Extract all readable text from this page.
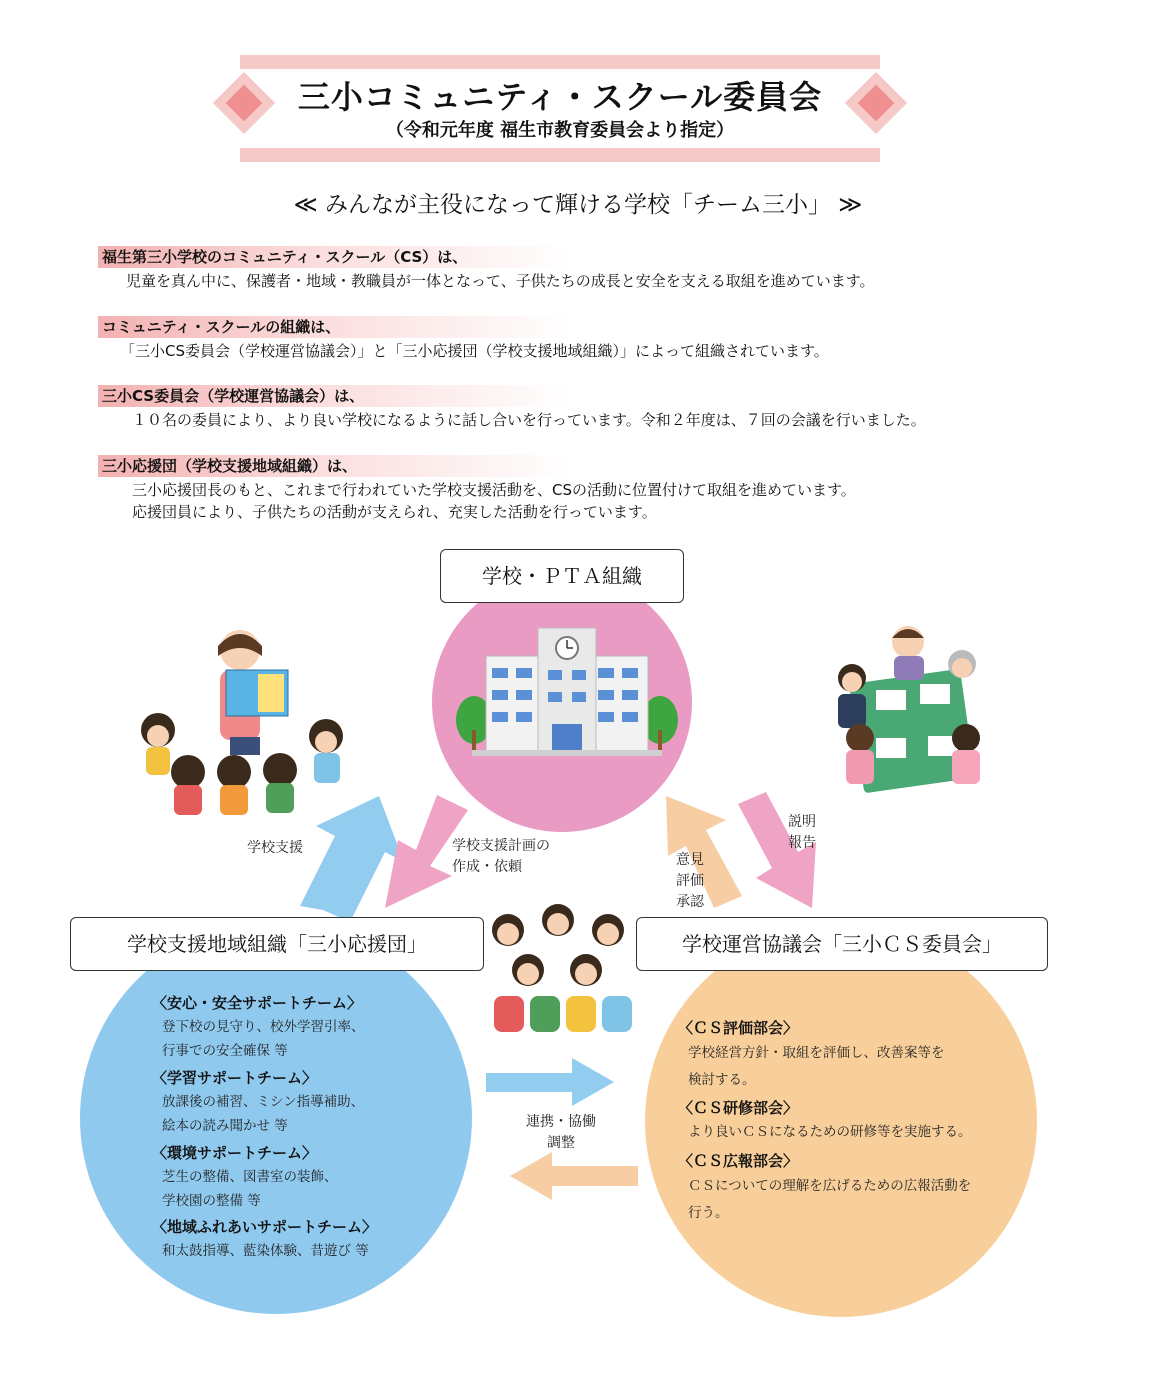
三小コミュニティ・スクール委員会
（令和元年度 福生市教育委員会より指定）
≪ みんなが主役になって輝ける学校「チーム三小」 ≫
福生第三小学校のコミュニティ・スクール（CS）は、
児童を真ん中に、保護者・地域・教職員が一体となって、子供たちの成長と安全を支える取組を進めています。
コミュニティ・スクールの組織は、
「三小CS委員会（学校運営協議会）」と「三小応援団（学校支援地域組織）」によって組織されています。
三小CS委員会（学校運営協議会）は、
１０名の委員により、より良い学校になるように話し合いを行っています。令和２年度は、７回の会議を行いました。
三小応援団（学校支援地域組織）は、
三小応援団長のもと、これまで行われていた学校支援活動を、CSの活動に位置付けて取組を進めています。
応援団員により、子供たちの活動が支えられ、充実した活動を行っています。
学校支援	学校支援計画の
作成・依頼	意見
評価
承認
説明
報告
連携・協働
調整
学校・ＰＴＡ組織
学校支援地域組織「三小応援団」	学校運営協議会「三小ＣＳ委員会」
〈安心・安全サポートチーム〉
登下校の見守り、校外学習引率、
行事での安全確保 等
〈学習サポートチーム〉
放課後の補習、ミシン指導補助、
絵本の読み聞かせ 等
〈環境サポートチーム〉
芝生の整備、図書室の装飾、
学校園の整備 等
〈地域ふれあいサポートチーム〉
和太鼓指導、藍染体験、昔遊び 等
〈ＣＳ評価部会〉
学校経営方針・取組を評価し、改善案等を
検討する。
〈ＣＳ研修部会〉
より良いＣＳになるための研修等を実施する。
〈ＣＳ広報部会〉
ＣＳについての理解を広げるための広報活動を
行う。
